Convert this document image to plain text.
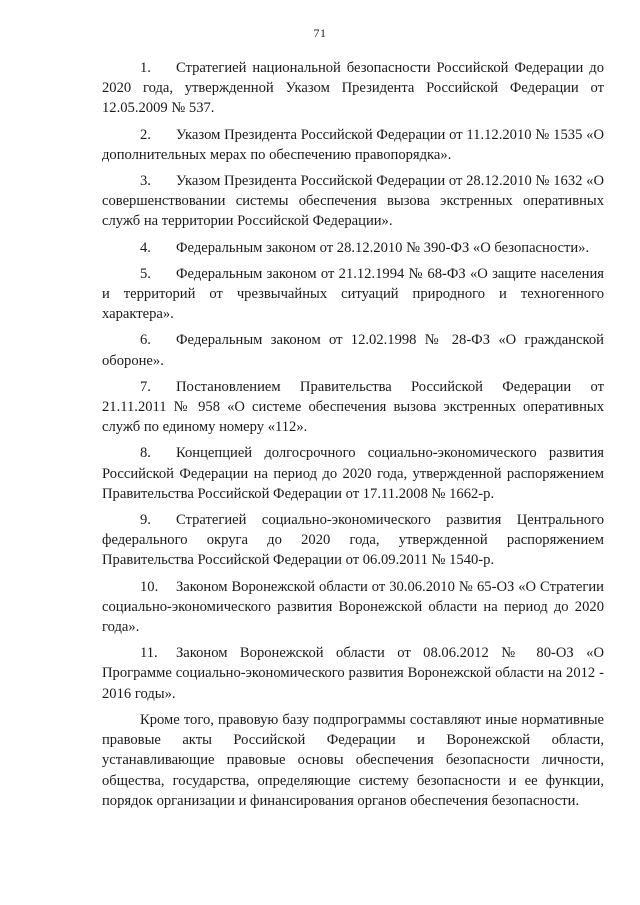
71

1. Стратегией национальной безопасности Российской Федерации до 2020 года, утвержденной Указом Президента Российской Федерации от 12.05.2009 № 537.

2. Указом Президента Российской Федерации от 11.12.2010 № 1535 «О дополнительных мерах по обеспечению правопорядка».

3. Указом Президента Российской Федерации от 28.12.2010 № 1632 «О совершенствовании системы обеспечения вызова экстренных оперативных служб на территории Российской Федерации».

4. Федеральным законом от 28.12.2010 № 390-ФЗ «О безопасности».

5. Федеральным законом от 21.12.1994 № 68-ФЗ «О защите населения и территорий от чрезвычайных ситуаций природного и техногенного характера».

6. Федеральным законом от 12.02.1998 № 28-ФЗ «О гражданской обороне».

7. Постановлением Правительства Российской Федерации от 21.11.2011 № 958 «О системе обеспечения вызова экстренных оперативных служб по единому номеру «112».

8. Концепцией долгосрочного социально-экономического развития Российской Федерации на период до 2020 года, утвержденной распоряжением Правительства Российской Федерации от 17.11.2008 № 1662-р.

9. Стратегией социально-экономического развития Центрального федерального округа до 2020 года, утвержденной распоряжением Правительства Российской Федерации от 06.09.2011 № 1540-р.

10. Законом Воронежской области от 30.06.2010 № 65-ОЗ «О Стратегии социально-экономического развития Воронежской области на период до 2020 года».

11. Законом Воронежской области от 08.06.2012 № 80-ОЗ «О Программе социально-экономического развития Воронежской области на 2012 - 2016 годы».

Кроме того, правовую базу подпрограммы составляют иные нормативные правовые акты Российской Федерации и Воронежской области, устанавливающие правовые основы обеспечения безопасности личности, общества, государства, определяющие систему безопасности и ее функции, порядок организации и финансирования органов обеспечения безопасности.
